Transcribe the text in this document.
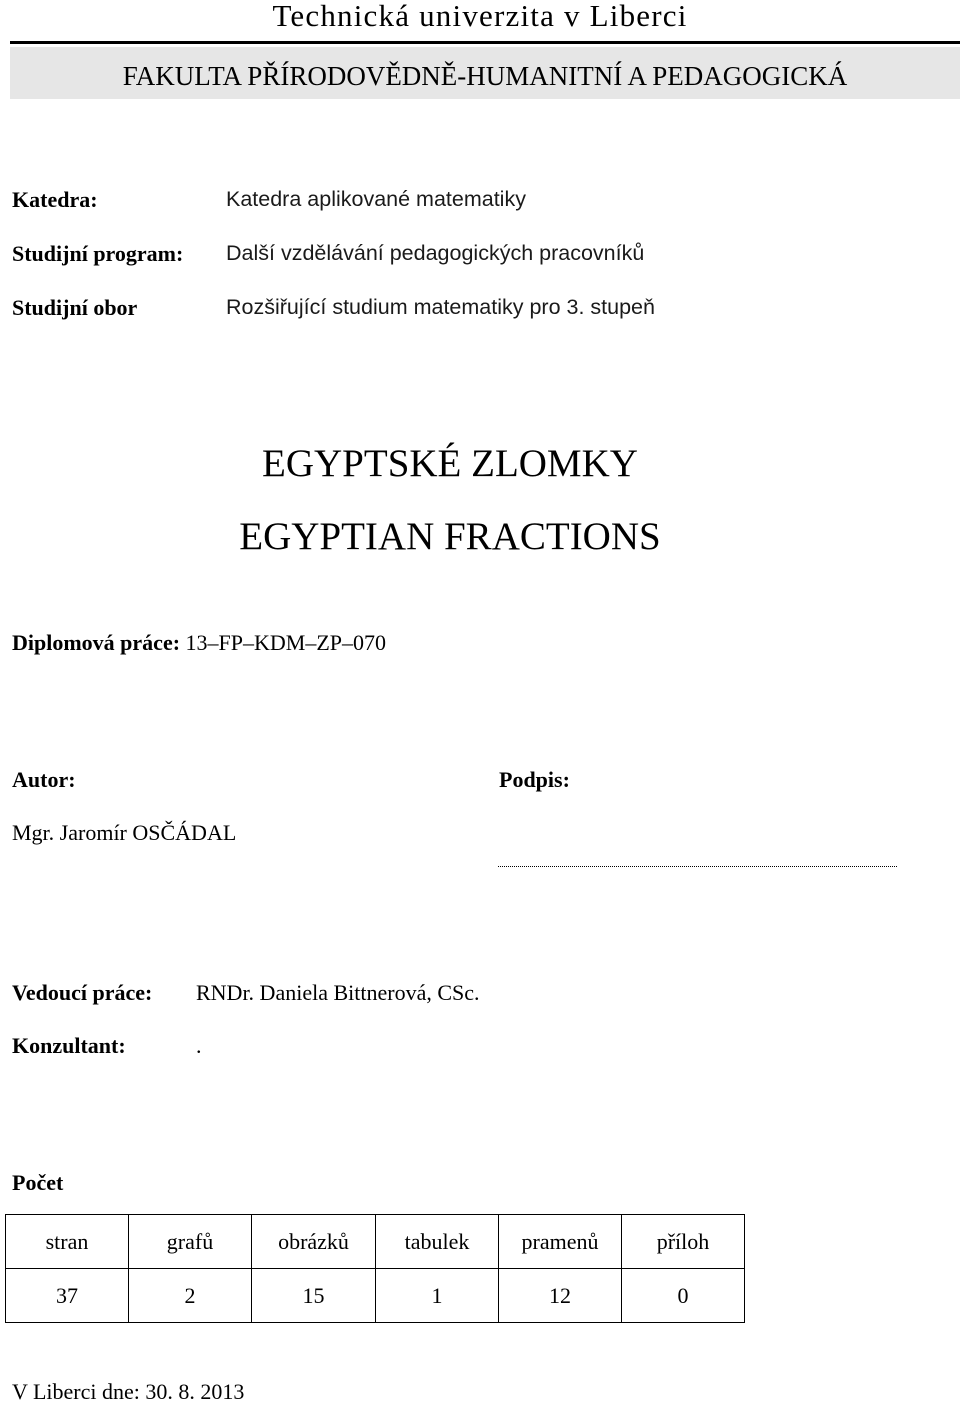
Technická univerzita v Liberci
FAKULTA PŘÍRODOVĚDNĚ-HUMANITNÍ A PEDAGOGICKÁ
Katedra:	Katedra aplikované matematiky
Studijní program: Další vzdělávání pedagogických pracovníků
Studijní obor	Rozšiřující studium matematiky pro 3. stupeň
EGYPTSKÉ ZLOMKY
EGYPTIAN FRACTIONS
Diplomová práce: 13–FP–KDM–ZP–070
Autor:	Podpis:
Mgr. Jaromír OSČÁDAL
Vedoucí práce: RNDr. Daniela Bittnerová, CSc.
Konzultant:	.
Počet
stran	grafů	obrázků	tabulek	pramenů	příloh
37	2	15	1	12	0
V Liberci dne: 30. 8. 2013
